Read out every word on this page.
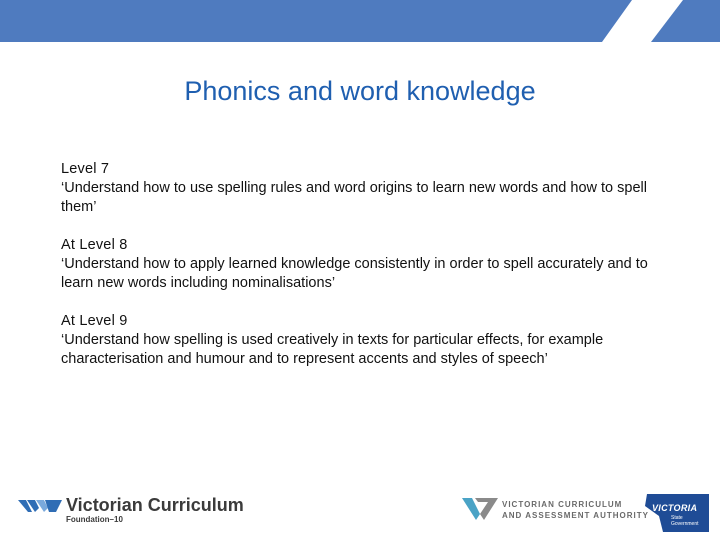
Phonics and word knowledge
Level 7
‘Understand how to use spelling rules and word origins to learn new words and how to spell them’
At Level 8
‘Understand how to apply learned knowledge consistently in order to spell accurately and to learn new words including nominalisations’
At Level 9
‘Understand how spelling is used creatively in texts for particular effects, for example characterisation and humour and to represent accents and styles of speech’
Victorian Curriculum
Foundation–10
VICTORIAN CURRICULUM
AND ASSESSMENT AUTHORITY
VICTORIA
State Government
